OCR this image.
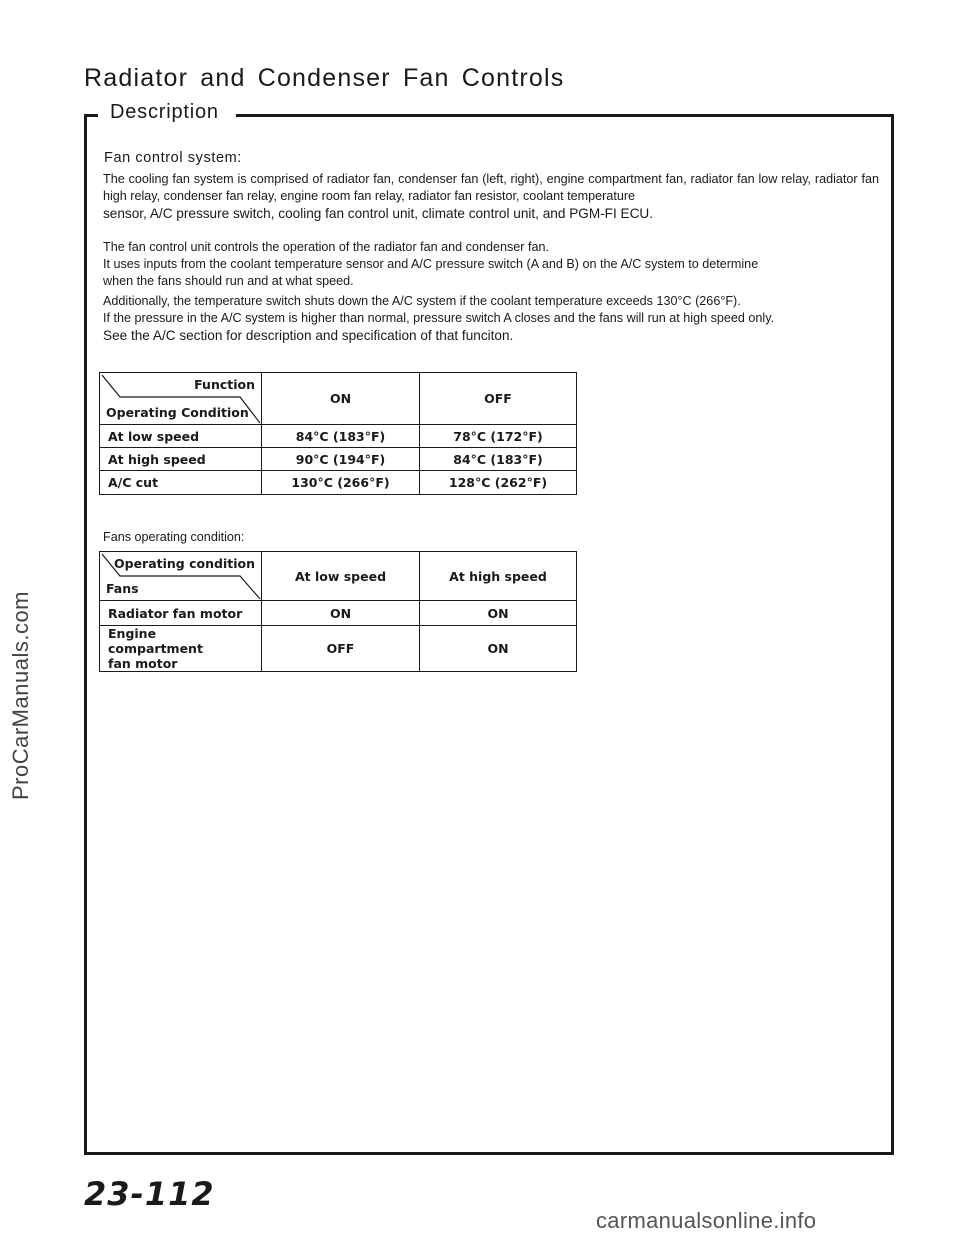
ProCarManuals.com
Radiator and Condenser Fan Controls
Description
Fan control system:

The cooling fan system is comprised of radiator fan, condenser fan (left, right), engine compartment fan, radiator fan low relay, radiator fan high relay, condenser fan relay, engine room fan relay, radiator fan resistor, coolant temperature
sensor, A/C pressure switch, cooling fan control unit, climate control unit, and PGM-FI ECU.

The fan control unit controls the operation of the radiator fan and condenser fan.
It uses inputs from the coolant temperature sensor and A/C pressure switch (A and B) on the A/C system to determine
when the fans should run and at what speed.

Additionally, the temperature switch shuts down the A/C system if the coolant temperature exceeds 130°C (266°F).
If the pressure in the A/C system is higher than normal, pressure switch A closes and the fans will run at high speed only.
See the A/C section for description and specification of that funciton.

Function
Operating Condition	ON	OFF
At low speed	84°C (183°F)	78°C (172°F)
At high speed	90°C (194°F)	84°C (183°F)
A/C cut	130°C (266°F)	128°C (262°F)
Fans operating condition:
Operating condition
Fans	At low speed	At high speed
Radiator fan motor	ON	ON
Engine compartment
fan motor	OFF	ON
23-112
carmanualsonline.info
